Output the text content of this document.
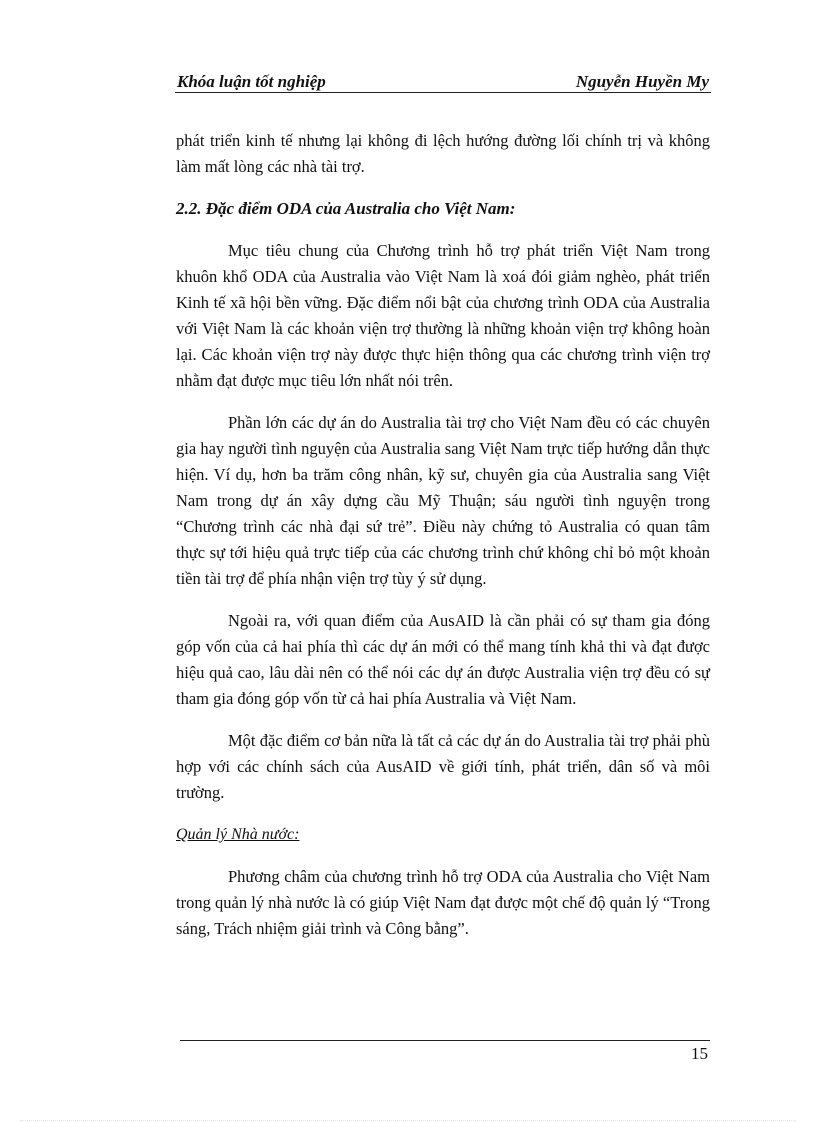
Khóa luận tốt nghiệp	Nguyễn Huyền My

phát triển kinh tế nhưng lại không đi lệch hướng đường lối chính trị và không làm mất lòng các nhà tài trợ.

2.2. Đặc điểm ODA của Australia cho Việt Nam:

Mục tiêu chung của Chương trình hỗ trợ phát triển Việt Nam trong khuôn khổ ODA của Australia vào Việt Nam là xoá đói giảm nghèo, phát triển Kinh tế xã hội bền vững. Đặc điểm nổi bật của chương trình ODA của Australia với Việt Nam là các khoản viện trợ thường là những khoản viện trợ không hoàn lại. Các khoản viện trợ này được thực hiện thông qua các chương trình viện trợ nhằm đạt được mục tiêu lớn nhất nói trên.

Phần lớn các dự án do Australia tài trợ cho Việt Nam đều có các chuyên gia hay người tình nguyện của Australia sang Việt Nam trực tiếp hướng dẫn thực hiện. Ví dụ, hơn ba trăm công nhân, kỹ sư, chuyên gia của Australia sang Việt Nam trong dự án xây dựng cầu Mỹ Thuận; sáu người tình nguyện trong “Chương trình các nhà đại sứ trẻ”. Điều này chứng tỏ Australia có quan tâm thực sự tới hiệu quả trực tiếp của các chương trình chứ không chỉ bỏ một khoản tiền tài trợ để phía nhận viện trợ tùy ý sử dụng.

Ngoài ra, với quan điểm của AusAID là cần phải có sự tham gia đóng góp vốn của cả hai phía thì các dự án mới có thể mang tính khả thi và đạt được hiệu quả cao, lâu dài nên có thể nói các dự án được Australia viện trợ đều có sự tham gia đóng góp vốn từ cả hai phía Australia và Việt Nam.

Một đặc điểm cơ bản nữa là tất cả các dự án do Australia tài trợ phải phù hợp với các chính sách của AusAID về giới tính, phát triển, dân số và môi trường.

Quản lý Nhà nước:

Phương châm của chương trình hỗ trợ ODA của Australia cho Việt Nam trong quản lý nhà nước là có giúp Việt Nam đạt được một chế độ quản lý “Trong sáng, Trách nhiệm giải trình và Công bằng”.

15
